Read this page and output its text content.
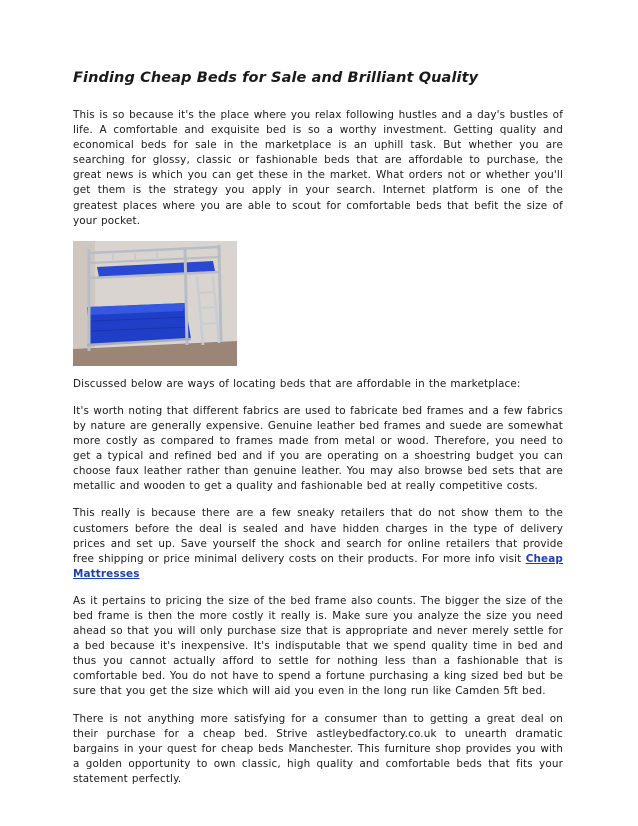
Finding Cheap Beds for Sale and Brilliant Quality

This is so because it's the place where you relax following hustles and a day's bustles of life. A comfortable and exquisite bed is so a worthy investment. Getting quality and economical beds for sale in the marketplace is an uphill task. But whether you are searching for glossy, classic or fashionable beds that are affordable to purchase, the great news is which you can get these in the market. What orders not or whether you'll get them is the strategy you apply in your search. Internet platform is one of the greatest places where you are able to scout for comfortable beds that befit the size of your pocket.

Discussed below are ways of locating beds that are affordable in the marketplace:

It's worth noting that different fabrics are used to fabricate bed frames and a few fabrics by nature are generally expensive. Genuine leather bed frames and suede are somewhat more costly as compared to frames made from metal or wood. Therefore, you need to get a typical and refined bed and if you are operating on a shoestring budget you can choose faux leather rather than genuine leather. You may also browse bed sets that are metallic and wooden to get a quality and fashionable bed at really competitive costs.

This really is because there are a few sneaky retailers that do not show them to the customers before the deal is sealed and have hidden charges in the type of delivery prices and set up. Save yourself the shock and search for online retailers that provide free shipping or price minimal delivery costs on their products. For more info visit Cheap Mattresses

As it pertains to pricing the size of the bed frame also counts. The bigger the size of the bed frame is then the more costly it really is. Make sure you analyze the size you need ahead so that you will only purchase size that is appropriate and never merely settle for a bed because it's inexpensive. It's indisputable that we spend quality time in bed and thus you cannot actually afford to settle for nothing less than a fashionable that is comfortable bed. You do not have to spend a fortune purchasing a king sized bed but be sure that you get the size which will aid you even in the long run like Camden 5ft bed.

There is not anything more satisfying for a consumer than to getting a great deal on their purchase for a cheap bed. Strive astleybedfactory.co.uk to unearth dramatic bargains in your quest for cheap beds Manchester. This furniture shop provides you with a golden opportunity to own classic, high quality and comfortable beds that fits your statement perfectly.
